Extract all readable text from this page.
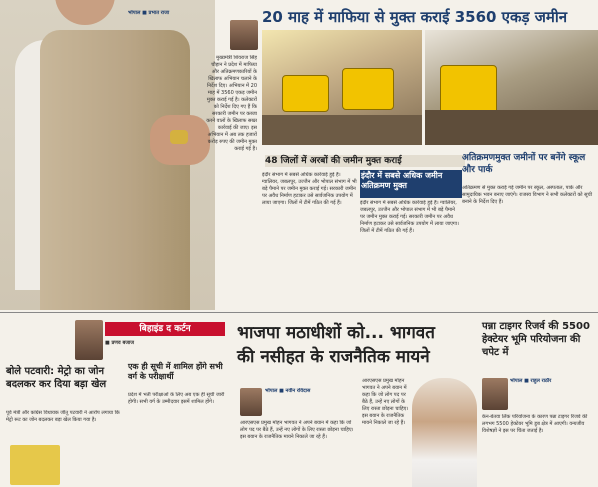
भोपाल ■ प्रभात राजा
मुख्यमंत्री शिवराज सिंह चौहान ने प्रदेश में माफिया और अतिक्रमणकारियों के खिलाफ अभियान चलाने के निर्देश दिए। अभियान में 20 माह में 3560 एकड़ जमीन मुक्त कराई गई है। कलेक्टरों को निर्देश दिए गए हैं कि सरकारी जमीन पर कब्जा करने वालों के खिलाफ सख्त कार्रवाई की जाए। इस अभियान में अब तक हजारों करोड़ रुपए की जमीन मुक्त कराई गई है।
20 माह में माफिया से मुक्त कराई 3560 एकड़ जमीन
48 जिलों में अरबों की जमीन मुक्त कराई	अतिक्रमणमुक्त जमीनों पर बनेंगे स्कूल और पार्क
इंदौर संभाग में सबसे अधिक कार्रवाई हुई है। ग्वालियर, जबलपुर, उज्जैन और भोपाल संभाग में भी बड़े पैमाने पर जमीन मुक्त कराई गई। सरकारी जमीन पर अवैध निर्माण हटाकर उसे सार्वजनिक उपयोग में लाया जाएगा। जिलों में टीमें गठित की गई हैं।
इंदौर में सबसे अधिक जमीन अतिक्रमण मुक्त
इंदौर संभाग में सबसे अधिक कार्रवाई हुई है। ग्वालियर, जबलपुर, उज्जैन और भोपाल संभाग में भी बड़े पैमाने पर जमीन मुक्त कराई गई। सरकारी जमीन पर अवैध निर्माण हटाकर उसे सार्वजनिक उपयोग में लाया जाएगा। जिलों में टीमें गठित की गई हैं।
अतिक्रमण से मुक्त कराई गई जमीन पर स्कूल, अस्पताल, पार्क और सामुदायिक भवन बनाए जाएंगे। राजस्व विभाग ने सभी कलेक्टरों को सूची बनाने के निर्देश दिए हैं।
बिहाइंड द कर्टन
■ प्रणव बजाज
बोले पटवारी: मेट्रो का जोन बदलकर कर दिया बड़ा खेल
पूर्व मंत्री और कांग्रेस विधायक जीतू पटवारी ने आरोप लगाया कि मेट्रो रूट का जोन बदलकर बड़ा खेल किया गया है।
एक ही सूची में शामिल होंगे सभी वर्ग के परीक्षार्थी
प्रदेश में भर्ती परीक्षाओं के लिए अब एक ही सूची जारी होगी। सभी वर्ग के उम्मीदवार इसमें शामिल होंगे।
भाजपा मठाधीशों को... भागवत
की नसीहत के राजनैतिक मायने
भोपाल ■ नवीन रविदास
आरएसएस प्रमुख मोहन भागवत ने अपने बयान में कहा कि जो लोग पद पर बैठे हैं, उन्हें नए लोगों के लिए रास्ता छोड़ना चाहिए। इस बयान के राजनैतिक मायने निकाले जा रहे हैं।
आरएसएस प्रमुख मोहन भागवत ने अपने बयान में कहा कि जो लोग पद पर बैठे हैं, उन्हें नए लोगों के लिए रास्ता छोड़ना चाहिए। इस बयान के राजनैतिक मायने निकाले जा रहे हैं।
पन्ना टाइगर रिजर्व की 5500 हेक्टेयर भूमि परियोजना की चपेट में
भोपाल ■ राहुल राठौर
केन-बेतवा लिंक परियोजना के कारण पन्ना टाइगर रिजर्व की लगभग 5500 हेक्टेयर भूमि डूब क्षेत्र में आएगी। वन्यजीव विशेषज्ञों ने इस पर चिंता जताई है।
